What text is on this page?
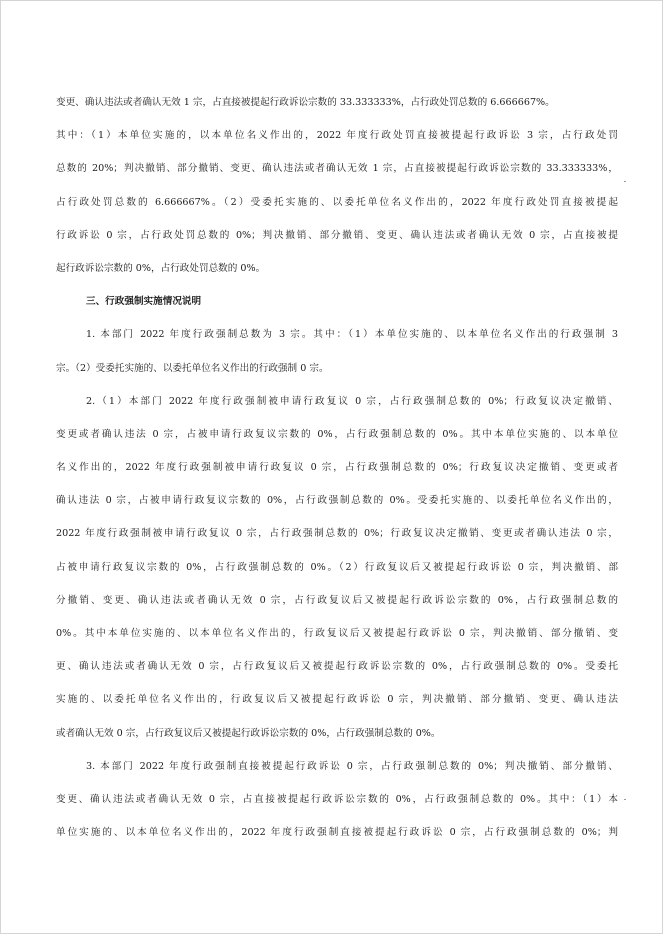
变更、确认违法或者确认无效 1 宗，占直接被提起行政诉讼宗数的 33.333333%，占行政处罚总数的 6.666667%。
其中：（1）本单位实施的，以本单位名义作出的，2022 年度行政处罚直接被提起行政诉讼 3 宗，占行政处罚
总数的 20%；判决撤销、部分撤销、变更、确认违法或者确认无效 1 宗，占直接被提起行政诉讼宗数的 33.333333%，
占行政处罚总数的 6.666667%。（2）受委托实施的、以委托单位名义作出的，2022 年度行政处罚直接被提起
行政诉讼 0 宗，占行政处罚总数的 0%；判决撤销、部分撤销、变更、确认违法或者确认无效 0 宗，占直接被提
起行政诉讼宗数的 0%，占行政处罚总数的 0%。
三、行政强制实施情况说明
1. 本部门 2022 年度行政强制总数为 3 宗。其中：（1）本单位实施的、以本单位名义作出的行政强制 3
宗。（2）受委托实施的、以委托单位名义作出的行政强制 0 宗。
2.（1）本部门 2022 年度行政强制被申请行政复议 0 宗，占行政强制总数的 0%；行政复议决定撤销、
变更或者确认违法 0 宗，占被申请行政复议宗数的 0%，占行政强制总数的 0%。其中本单位实施的、以本单位
名义作出的，2022 年度行政强制被申请行政复议 0 宗，占行政强制总数的 0%；行政复议决定撤销、变更或者
确认违法 0 宗，占被申请行政复议宗数的 0%，占行政强制总数的 0%。受委托实施的、以委托单位名义作出的，
2022 年度行政强制被申请行政复议 0 宗，占行政强制总数的 0%；行政复议决定撤销、变更或者确认违法 0 宗，
占被申请行政复议宗数的 0%，占行政强制总数的 0%。（2）行政复议后又被提起行政诉讼 0 宗，判决撤销、部
分撤销、变更、确认违法或者确认无效 0 宗，占行政复议后又被提起行政诉讼宗数的 0%，占行政强制总数的
0%。其中本单位实施的、以本单位名义作出的，行政复议后又被提起行政诉讼 0 宗，判决撤销、部分撤销、变
更、确认违法或者确认无效 0 宗，占行政复议后又被提起行政诉讼宗数的 0%，占行政强制总数的 0%。受委托
实施的、以委托单位名义作出的，行政复议后又被提起行政诉讼 0 宗，判决撤销、部分撤销、变更、确认违法
或者确认无效 0 宗，占行政复议后又被提起行政诉讼宗数的 0%，占行政强制总数的 0%。
3. 本部门 2022 年度行政强制直接被提起行政诉讼 0 宗，占行政强制总数的 0%；判决撤销、部分撤销、
变更、确认违法或者确认无效 0 宗，占直接被提起行政诉讼宗数的 0%，占行政强制总数的 0%。其中：（1）本
单位实施的、以本单位名义作出的，2022 年度行政强制直接被提起行政诉讼 0 宗，占行政强制总数的 0%；判
